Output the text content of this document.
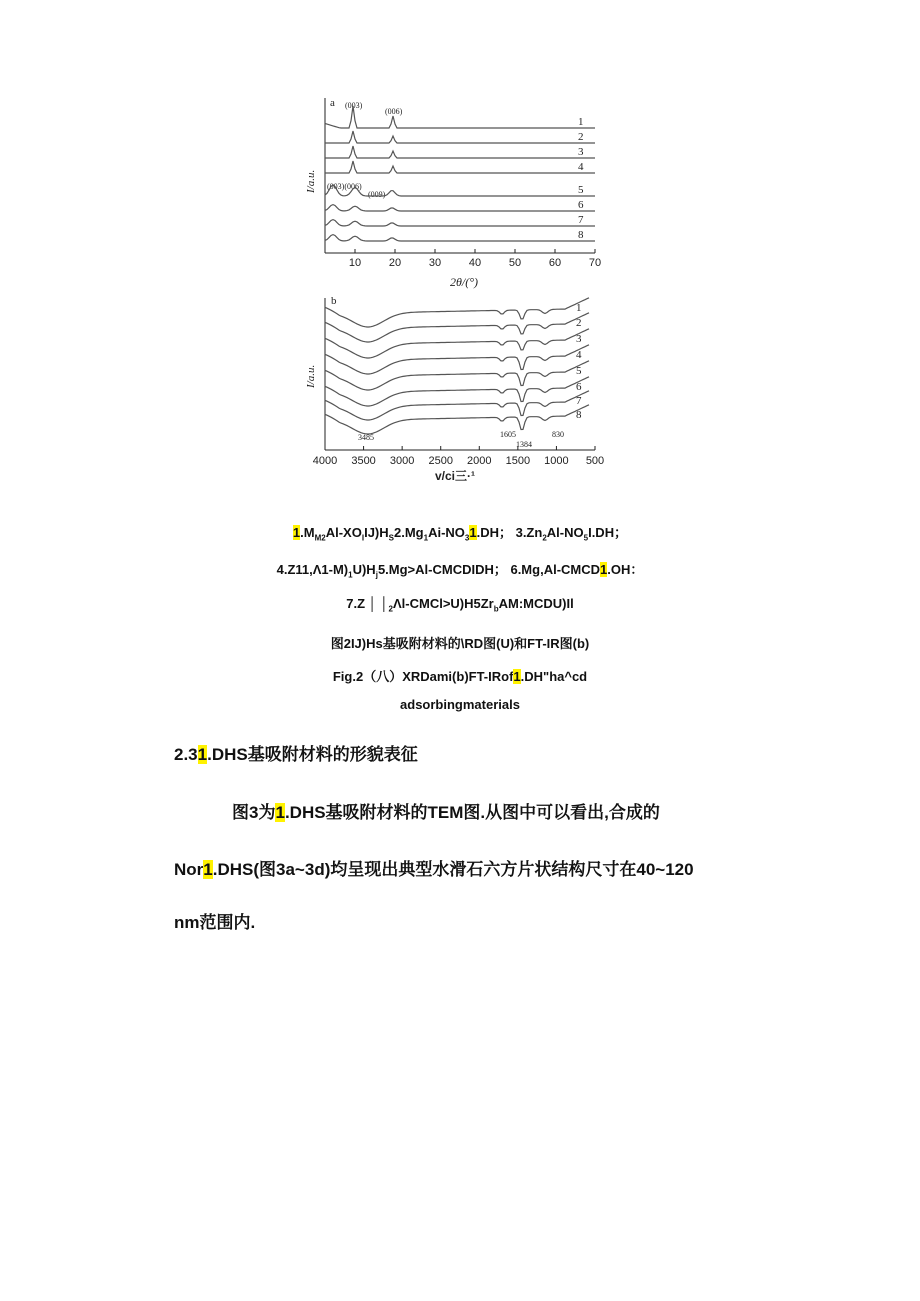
a (003)
(006)
(003)(006)
(009)
I/a.u.
1
2
3
4
5
6
7
8
10	20	30	40	50	60	70
2θ/(°)
b
I/a.u.
1
2
3
4
5
6
7
8
3485	1605
1384
830
4000 3500 3000 2500 2000 1500 1000 500
v/ci三·¹
$1.M_{M2}Al-XO_IIJ)H_S2.Mg_1Ai-NO_31.DH$； $3.Zn_2Al-NO_5I.DH$；
$4.Z11,\Lambda 1-M)_1U)H_j5.Mg>Al$-CMCDIDH； 6.Mg,Al-CMCD1.OH：
7.Z │ $│_2\Lambda l-CMCl>U)H5Zr_bAM:MCDU)Il$
图2IJ)Hs基吸附材料的\RD图(U)和FT-IR图(b)
Fig.2（八）XRDami(b)FT-IRof1.DH"ha^cd
adsorbingmaterials
2.31.DHS基吸附材料的形貌表征
图3为1.DHS基吸附材料的TEM图.从图中可以看出,合成的
Nor1.DHS(图3a~3d)均呈现出典型水滑石六方片状结构尺寸在40~120
nm范围内.
